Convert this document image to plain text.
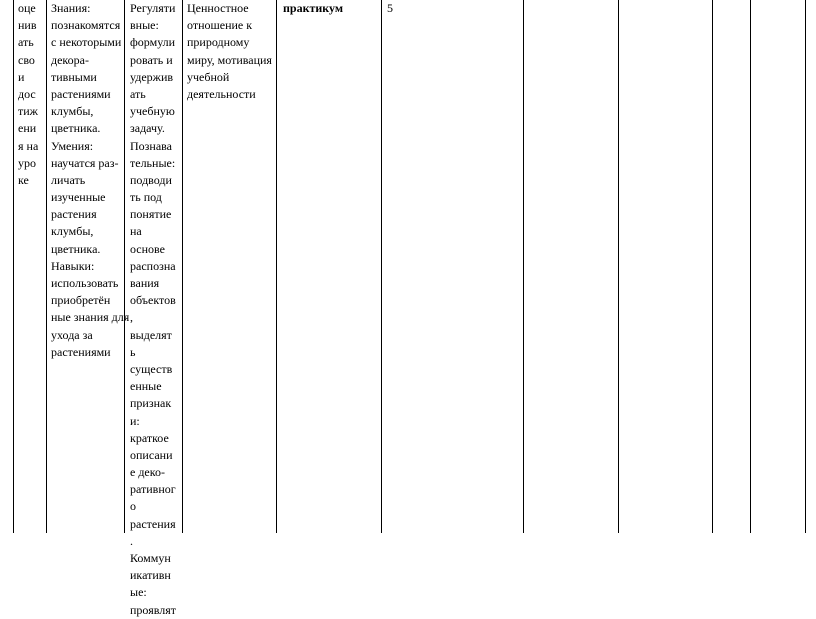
оце
нив
ать
сво
и
дос
тиж
ени
я на
уро
ке
Знания:
познакомятся
с некоторыми
декора-
тивными
растениями
клумбы,
цветника.
Умения:
научатся раз-
личать
изученные
растения
клумбы,
цветника.
Навыки:
использовать
приобретён
ные знания для
ухода за
растениями
Регуляти
вные:
формули
ровать и
удержив
ать
учебную
задачу.
Познава
тельные:
подводи
ть под
понятие
на
основе
распозна
вания
объектов
,
выделят
ь
существ
енные
признак
и:
краткое
описани
е деко-
ративног
о
растения
.
Коммун
икативн
ые:
проявлят
Ценностное
отношение к
природному
миру, мотивация
учебной
деятельности
практикум	5
